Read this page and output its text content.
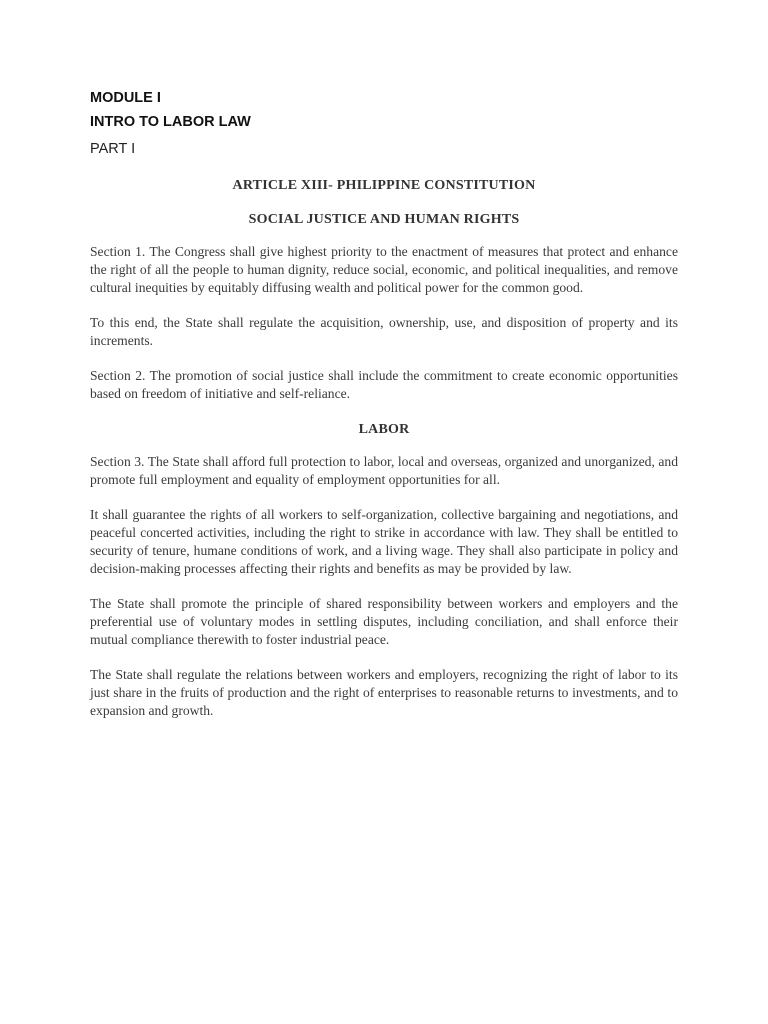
MODULE I

INTRO TO LABOR LAW

PART I

ARTICLE XIII- PHILIPPINE CONSTITUTION

SOCIAL JUSTICE AND HUMAN RIGHTS

Section 1. The Congress shall give highest priority to the enactment of measures that protect and enhance the right of all the people to human dignity, reduce social, economic, and political inequalities, and remove cultural inequities by equitably diffusing wealth and political power for the common good.

To this end, the State shall regulate the acquisition, ownership, use, and disposition of property and its increments.

Section 2. The promotion of social justice shall include the commitment to create economic opportunities based on freedom of initiative and self-reliance.

LABOR

Section 3. The State shall afford full protection to labor, local and overseas, organized and unorganized, and promote full employment and equality of employment opportunities for all.

It shall guarantee the rights of all workers to self-organization, collective bargaining and negotiations, and peaceful concerted activities, including the right to strike in accordance with law. They shall be entitled to security of tenure, humane conditions of work, and a living wage. They shall also participate in policy and decision-making processes affecting their rights and benefits as may be provided by law.

The State shall promote the principle of shared responsibility between workers and employers and the preferential use of voluntary modes in settling disputes, including conciliation, and shall enforce their mutual compliance therewith to foster industrial peace.

The State shall regulate the relations between workers and employers, recognizing the right of labor to its just share in the fruits of production and the right of enterprises to reasonable returns to investments, and to expansion and growth.
